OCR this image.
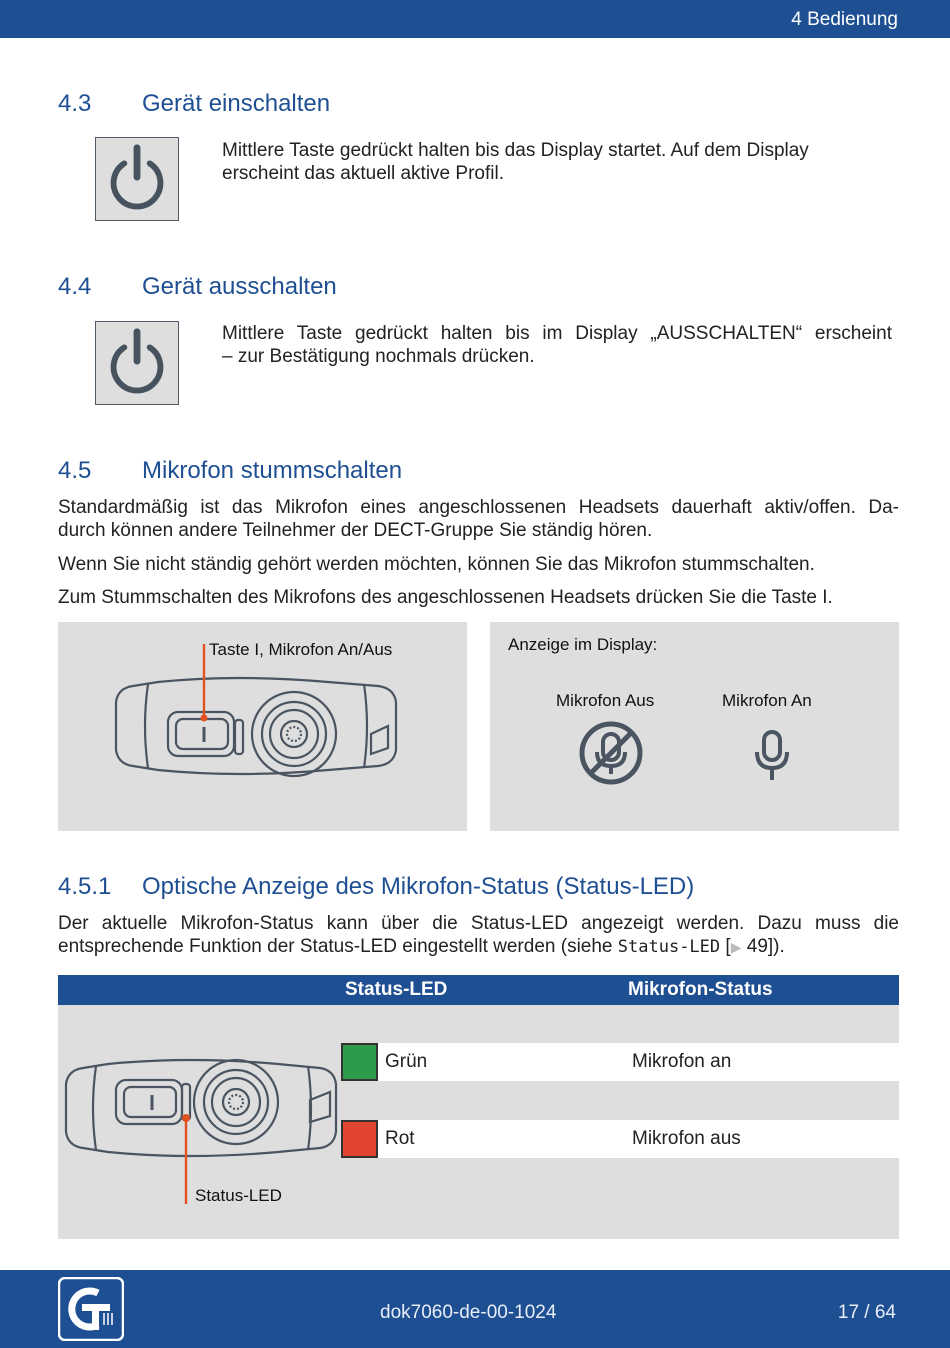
4 Bedienung
4.3 Gerät einschalten
Mittlere Taste gedrückt halten bis das Display startet. Auf dem Display
erscheint das aktuell aktive Profil.
4.4 Gerät ausschalten
Mittlere Taste gedrückt halten bis im Display „AUSSCHALTEN“ erscheint
– zur Bestätigung nochmals drücken.
4.5 Mikrofon stummschalten
Standardmäßig ist das Mikrofon eines angeschlossenen Headsets dauerhaft aktiv/offen. Da-
durch können andere Teilnehmer der DECT-Gruppe Sie ständig hören.
Wenn Sie nicht ständig gehört werden möchten, können Sie das Mikrofon stummschalten.
Zum Stummschalten des Mikrofons des angeschlossenen Headsets drücken Sie die Taste I.
Taste I, Mikrofon An/Aus	Anzeige im Display:
Mikrofon Aus	Mikrofon An
4.5.1 Optische Anzeige des Mikrofon-Status (Status-LED)
Der aktuelle Mikrofon-Status kann über die Status-LED angezeigt werden. Dazu muss die
entsprechende Funktion der Status-LED eingestellt werden (siehe Status-LED [▶ 49]).
Status-LED	Mikrofon-Status
Grün	Mikrofon an
Rot	Mikrofon aus
Status-LED
dok7060-de-00-1024	17 / 64
